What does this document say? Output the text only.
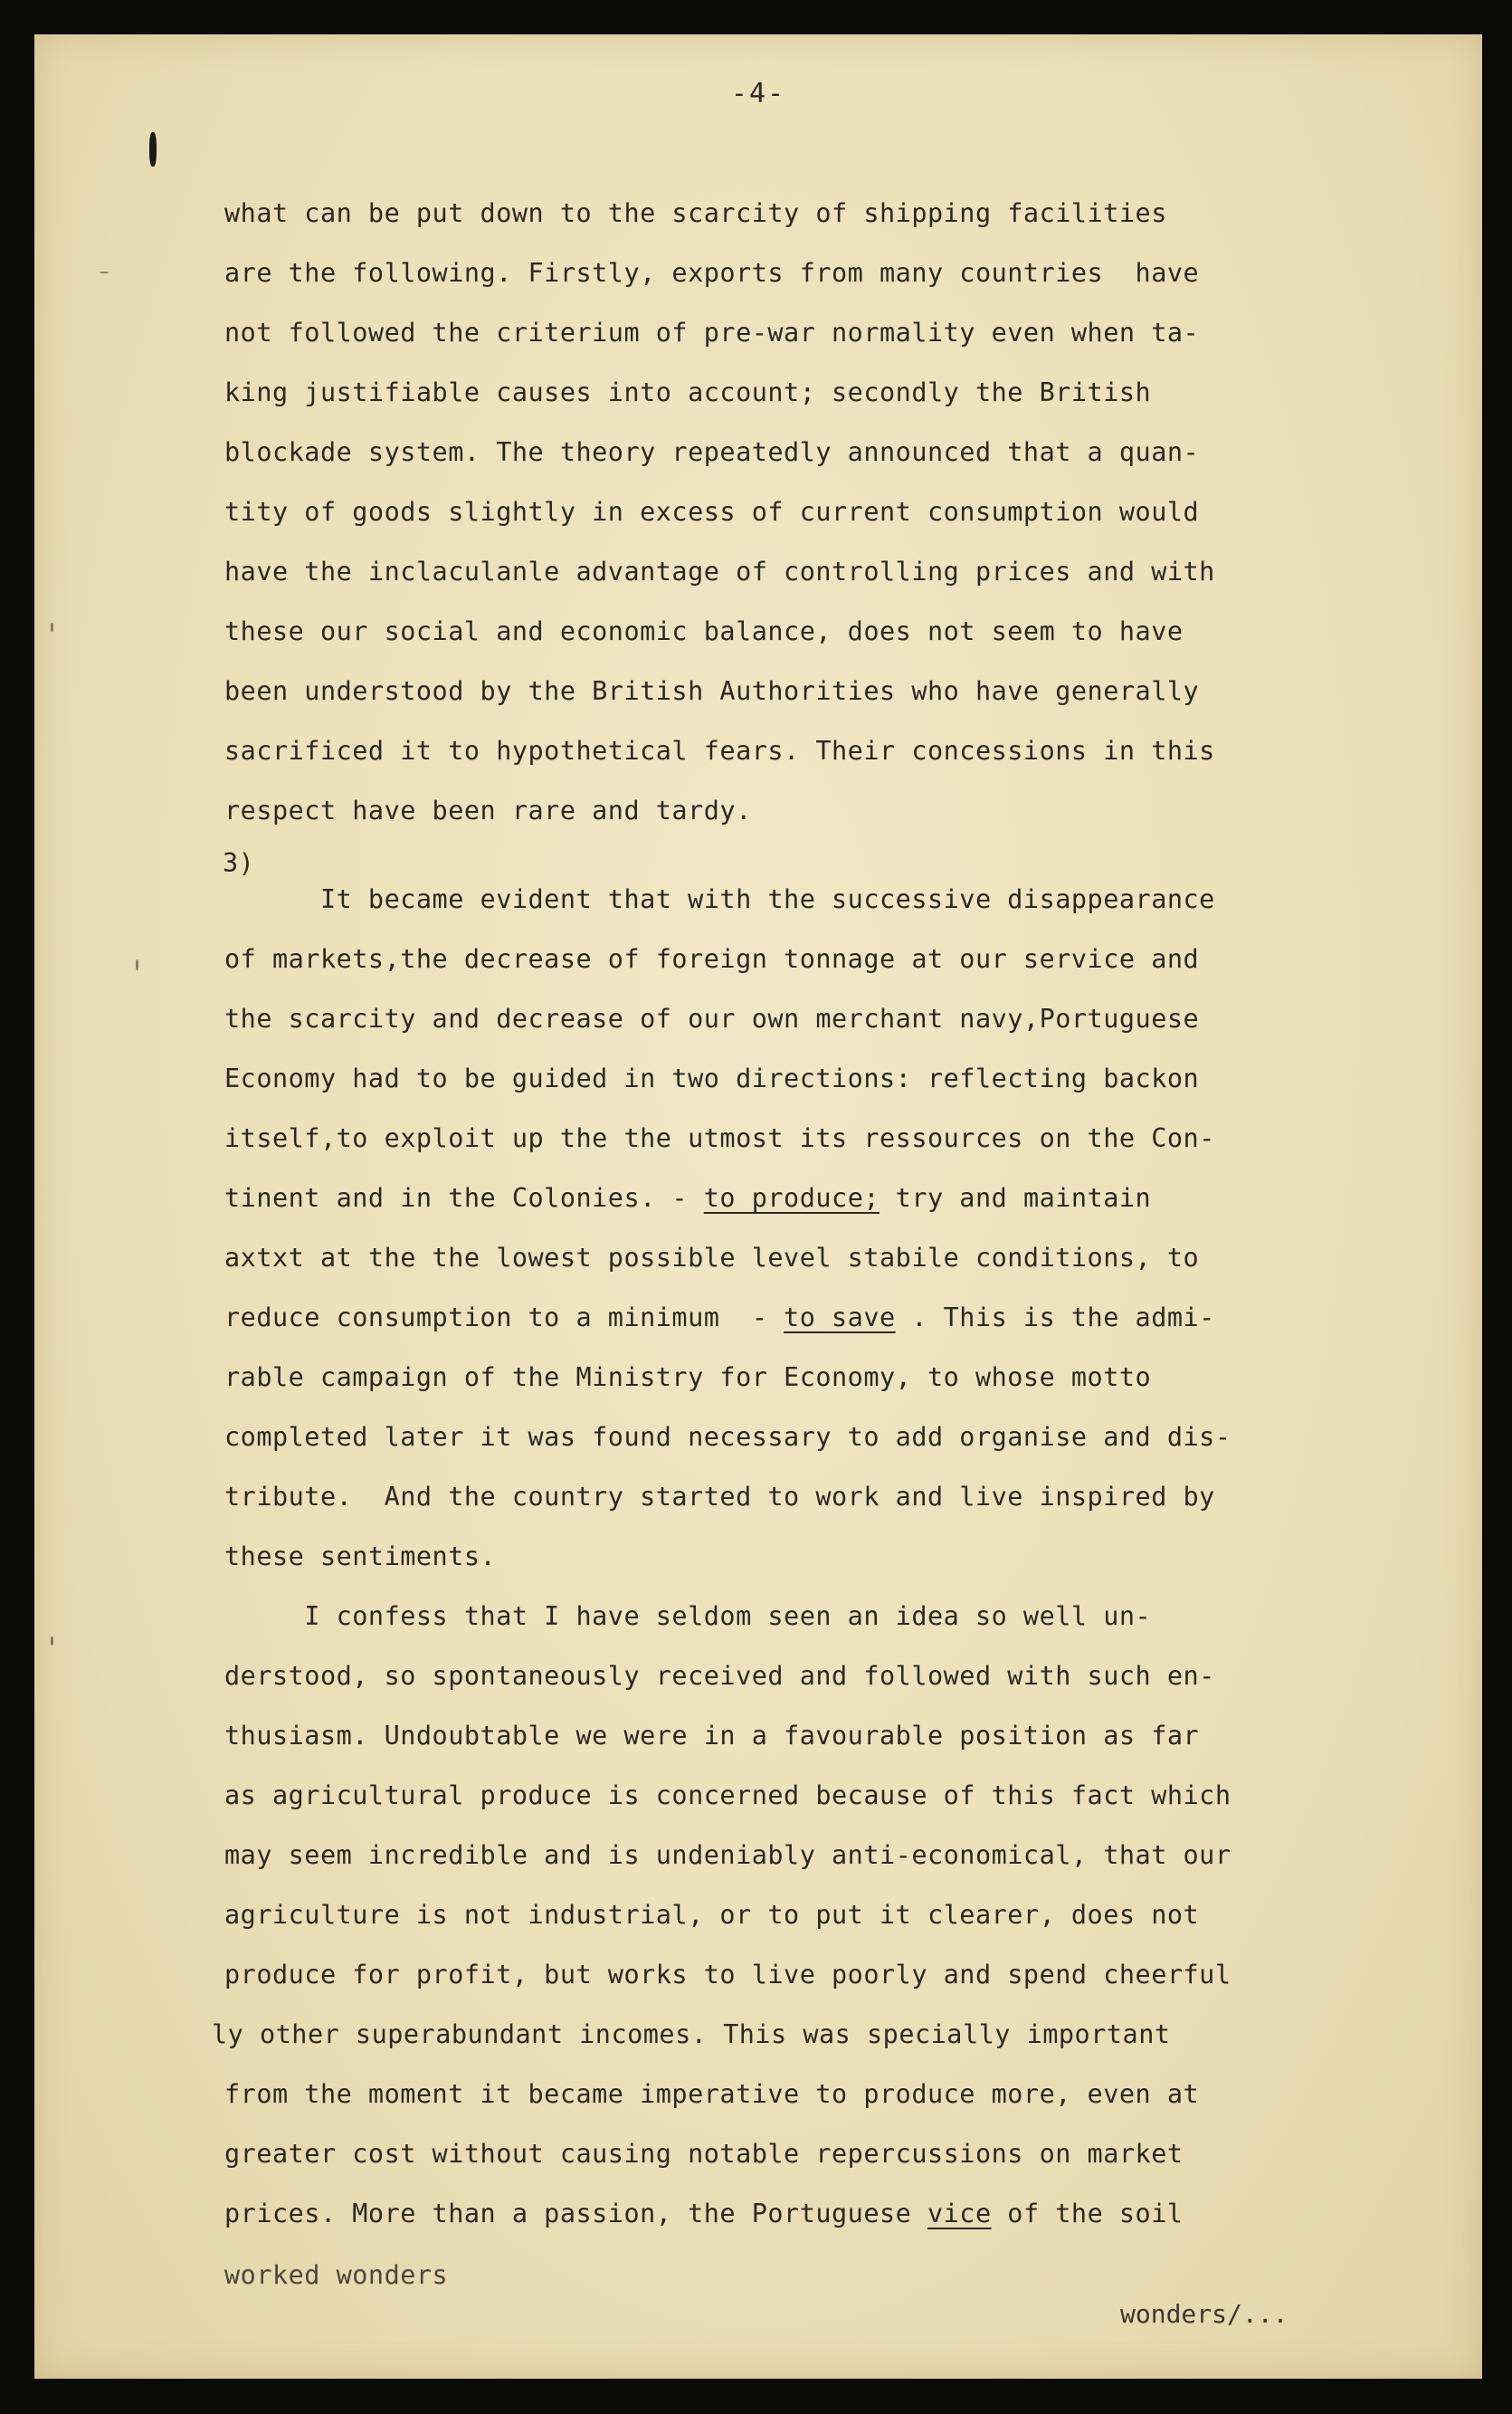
-4-
what can be put down to the scarcity of shipping facilities
are the following. Firstly, exports from many countries  have
not followed the criterium of pre-war normality even when ta-
king justifiable causes into account; secondly the British
blockade system. The theory repeatedly announced that a quan-
tity of goods slightly in excess of current consumption would
have the inclaculanle advantage of controlling prices and with
these our social and economic balance, does not seem to have
been understood by the British Authorities who have generally
sacrificed it to hypothetical fears. Their concessions in this
respect have been rare and tardy.
3)
It became evident that with the successive disappearance
of markets,the decrease of foreign tonnage at our service and
the scarcity and decrease of our own merchant navy,Portuguese
Economy had to be guided in two directions: reflecting backon
itself,to exploit up the the utmost its ressources on the Con-
tinent and in the Colonies. - to produce; try and maintain
axtxt at the the lowest possible level stabile conditions, to
reduce consumption to a minimum  - to save . This is the admi-
rable campaign of the Ministry for Economy, to whose motto
completed later it was found necessary to add organise and dis-
tribute.  And the country started to work and live inspired by
these sentiments.
I confess that I have seldom seen an idea so well un-
derstood, so spontaneously received and followed with such en-
thusiasm. Undoubtable we were in a favourable position as far
as agricultural produce is concerned because of this fact which
may seem incredible and is undeniably anti-economical, that our
agriculture is not industrial, or to put it clearer, does not
produce for profit, but works to live poorly and spend cheerful
ly other superabundant incomes. This was specially important
from the moment it became imperative to produce more, even at
greater cost without causing notable repercussions on market
prices. More than a passion, the Portuguese vice of the soil
worked wonders
wonders/...
